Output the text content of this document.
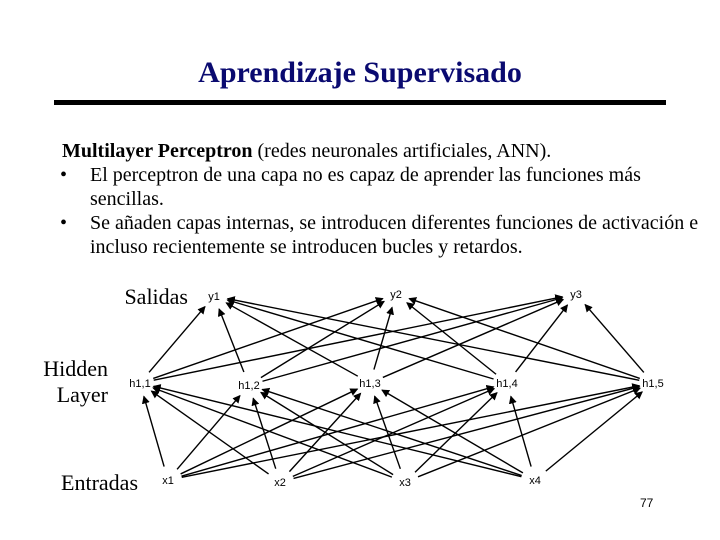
Aprendizaje Supervisado
Multilayer Perceptron (redes neuronales artificiales, ANN).
• El perceptron de una capa no es capaz de aprender las funciones más sencillas.
• Se añaden capas internas, se introducen diferentes funciones de activación e incluso recientemente se introducen bucles y retardos.
Salidas
Hidden
Layer
Entradas
y1	y2	y3
h1,1	h1,2	h1,3	h1,4	h1,5
x1	x2	x3	x4
77
